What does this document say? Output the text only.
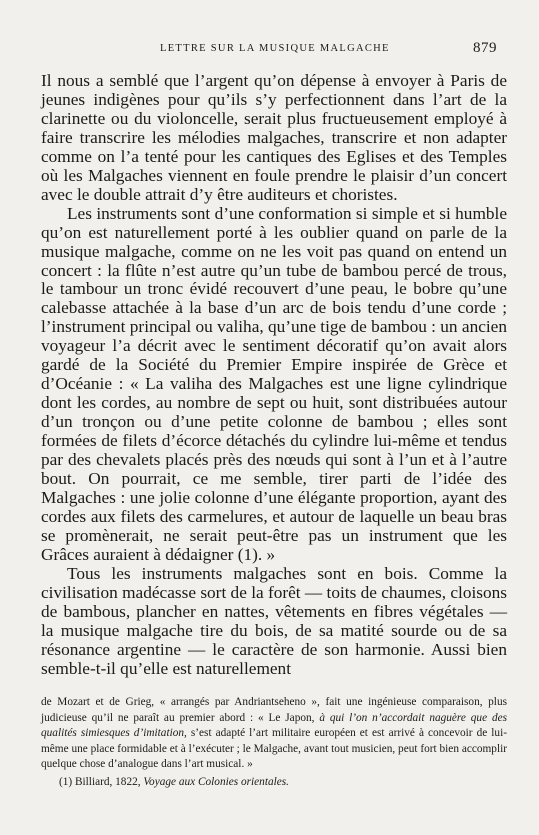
LETTRE SUR LA MUSIQUE MALGACHE	879

Il nous a semblé que l’argent qu’on dépense à envoyer à Paris de jeunes indigènes pour qu’ils s’y perfectionnent dans l’art de la clarinette ou du violoncelle, serait plus fructueusement employé à faire transcrire les mélodies malgaches, transcrire et non adapter comme on l’a tenté pour les cantiques des Eglises et des Temples où les Malgaches viennent en foule prendre le plaisir d’un concert avec le double attrait d’y être auditeurs et choristes.

Les instruments sont d’une conformation si simple et si humble qu’on est naturellement porté à les oublier quand on parle de la musique malgache, comme on ne les voit pas quand on entend un concert : la flûte n’est autre qu’un tube de bambou percé de trous, le tambour un tronc évidé recouvert d’une peau, le bobre qu’une calebasse attachée à la base d’un arc de bois tendu d’une corde ; l’instrument principal ou valiha, qu’une tige de bambou : un ancien voyageur l’a décrit avec le sentiment décoratif qu’on avait alors gardé de la Société du Premier Empire inspirée de Grèce et d’Océanie : « La valiha des Malgaches est une ligne cylindrique dont les cordes, au nombre de sept ou huit, sont distribuées autour d’un tronçon ou d’une petite colonne de bambou ; elles sont formées de filets d’écorce détachés du cylindre lui-même et tendus par des chevalets placés près des nœuds qui sont à l’un et à l’autre bout. On pourrait, ce me semble, tirer parti de l’idée des Malgaches : une jolie colonne d’une élégante proportion, ayant des cordes aux filets des carmelures, et autour de laquelle un beau bras se promènerait, ne serait peut-être pas un instrument que les Grâces auraient à dédaigner (1). »

Tous les instruments malgaches sont en bois. Comme la civilisation madécasse sort de la forêt — toits de chaumes, cloisons de bambous, plancher en nattes, vêtements en fibres végétales — la musique malgache tire du bois, de sa matité sourde ou de sa résonance argentine — le caractère de son harmonie. Aussi bien semble-t-il qu’elle est naturellement

de Mozart et de Grieg, « arrangés par Andriantseheno », fait une ingénieuse comparaison, plus judicieuse qu’il ne paraît au premier abord : « Le Japon, à qui l’on n’accordait naguère que des qualités simiesques d’imitation, s’est adapté l’art militaire européen et est arrivé à concevoir de lui-même une place formidable et à l’exécuter ; le Malgache, avant tout musicien, peut fort bien accomplir quelque chose d’analogue dans l’art musical. »

(1) Billiard, 1822, Voyage aux Colonies orientales.
